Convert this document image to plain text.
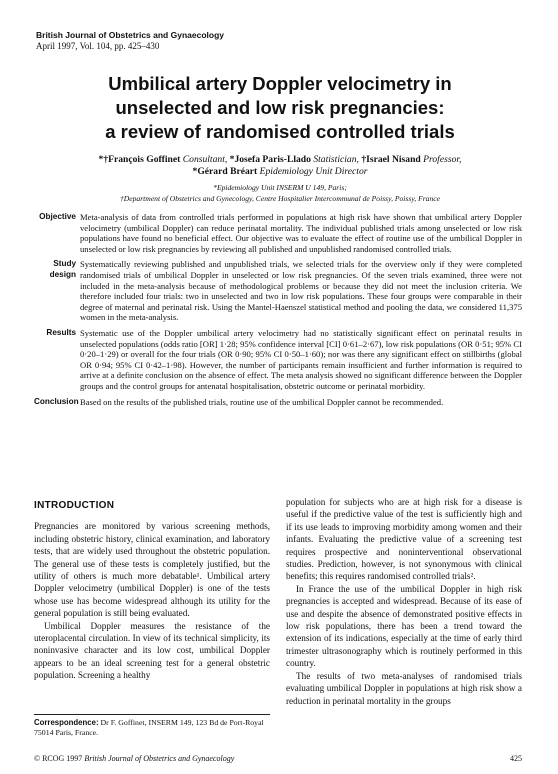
British Journal of Obstetrics and Gynaecology
April 1997, Vol. 104, pp. 425–430
Umbilical artery Doppler velocimetry in
unselected and low risk pregnancies:
a review of randomised controlled trials
*†François Goffinet Consultant, *Josefa Paris-Llado Statistician, †Israel Nisand Professor,
*Gérard Bréart Epidemiology Unit Director
*Epidemiology Unit INSERM U 149, Paris;
†Department of Obstetrics and Gynecology, Centre Hospitalier Intercommunal de Poissy, Poissy, France
Objective Meta-analysis of data from controlled trials performed in populations at high risk have shown that umbilical artery Doppler velocimetry (umbilical Doppler) can reduce perinatal mortality. The individual published trials among unselected or low risk populations have found no beneficial effect. Our objective was to evaluate the effect of routine use of the umbilical Doppler in unselected or low risk pregnancies by reviewing all published and unpublished randomised controlled trials.
Study design
Systematically reviewing published and unpublished trials, we selected trials for the overview only if they were completed randomised trials of umbilical Doppler in unselected or low risk pregnancies. Of the seven trials examined, three were not included in the meta-analysis because of methodological problems or because they did not meet the inclusion criteria. We therefore included four trials: two in unselected and two in low risk populations. These four groups were comparable in their degree of maternal and perinatal risk. Using the Mantel-Haenszel statistical method and pooling the data, we considered 11,375 women in the meta-analysis.
Results Systematic use of the Doppler umbilical artery velocimetry had no statistically significant effect on perinatal results in unselected populations (odds ratio [OR] 1·28; 95% confidence interval [CI] 0·61–2·67), low risk populations (OR 0·51; 95% CI 0·20–1·29) or overall for the four trials (OR 0·90; 95% CI 0·50–1·60); nor was there any significant effect on stillbirths (global OR 0·94; 95% CI 0·42–1·98). However, the number of participants remain insufficient and further information is required to arrive at a definite conclusion on the absence of effect. The meta analysis showed no significant difference between the Doppler groups and the control groups for antenatal hospitalisation, obstetric outcome or perinatal morbidity.
Conclusion Based on the results of the published trials, routine use of the umbilical Doppler cannot be recommended.
INTRODUCTION

Pregnancies are monitored by various screening methods, including obstetric history, clinical examination, and laboratory tests, that are widely used throughout the obstetric population. The general use of these tests is completely justified, but the utility of others is much more debatable¹. Umbilical artery Doppler velocimetry (umbilical Doppler) is one of the tests whose use has become widespread although its utility for the general population is still being evaluated.

Umbilical Doppler measures the resistance of the uteroplacental circulation. In view of its technical simplicity, its noninvasive character and its low cost, umbilical Doppler appears to be an ideal screening test for a general obstetric population. Screening a healthy

population for subjects who are at high risk for a disease is useful if the predictive value of the test is sufficiently high and if its use leads to improving morbidity among women and their infants. Evaluating the predictive value of a screening test requires prospective and noninterventional observational studies. Prediction, however, is not synonymous with clinical benefits; this requires randomised controlled trials².

In France the use of the umbilical Doppler in high risk pregnancies is accepted and widespread. Because of its ease of use and despite the absence of demonstrated positive effects in low risk populations, there has been a trend toward the extension of its indications, especially at the time of early third trimester ultrasonography which is routinely performed in this country.

The results of two meta-analyses of randomised trials evaluating umbilical Doppler in populations at high risk show a reduction in perinatal mortality in the groups

Correspondence: Dr F. Goffinet, INSERM 149, 123 Bd de Port-Royal 75014 Paris, France.
© RCOG 1997 British Journal of Obstetrics and Gynaecology	425
